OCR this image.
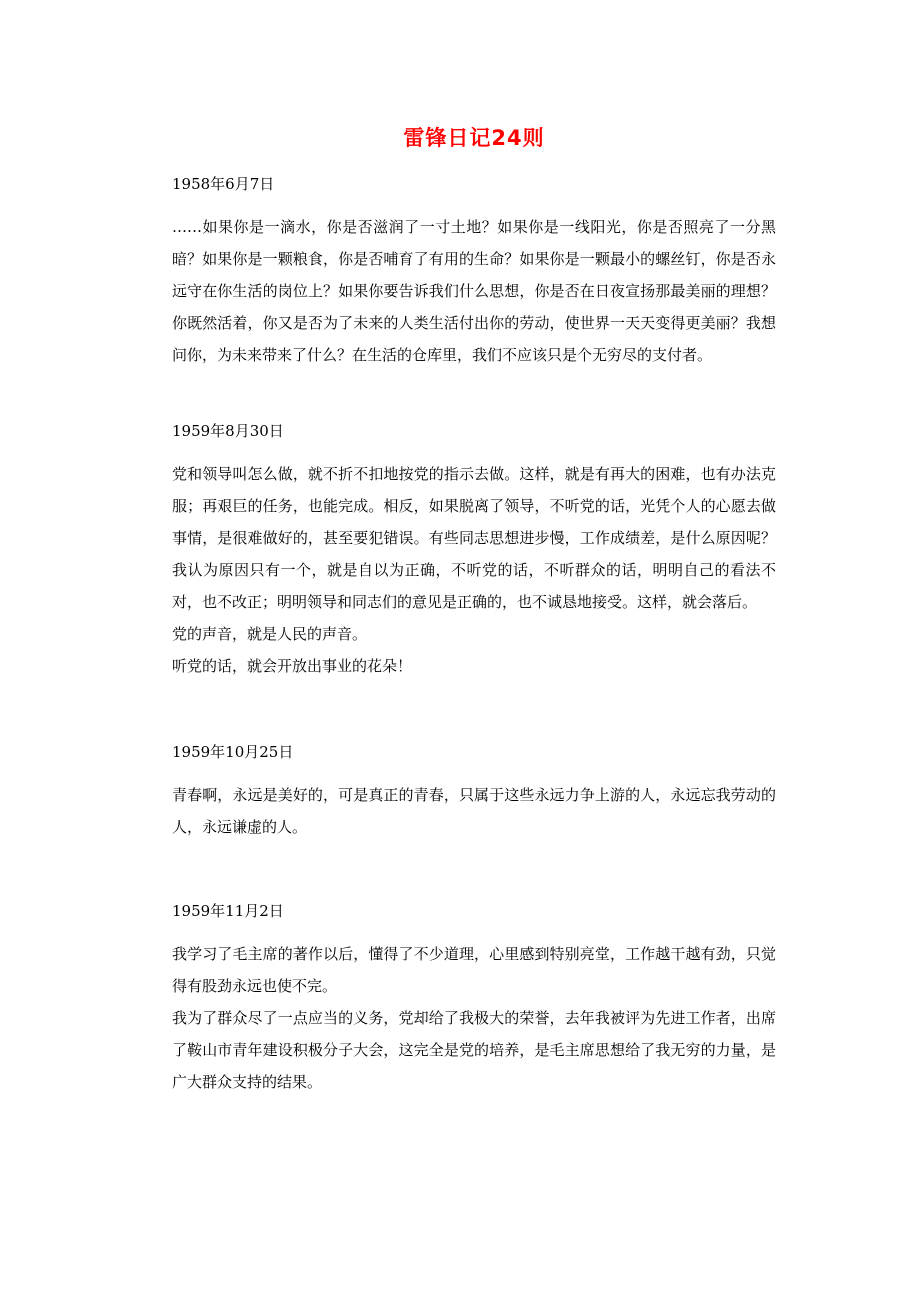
雷锋日记24则

1958年6月7日

……如果你是一滴水，你是否滋润了一寸土地？如果你是一线阳光，你是否照亮了一分黑暗？如果你是一颗粮食，你是否哺育了有用的生命？如果你是一颗最小的螺丝钉，你是否永远守在你生活的岗位上？如果你要告诉我们什么思想，你是否在日夜宣扬那最美丽的理想？你既然活着，你又是否为了未来的人类生活付出你的劳动，使世界一天天变得更美丽？我想问你，为未来带来了什么？在生活的仓库里，我们不应该只是个无穷尽的支付者。

1959年8月30日

党和领导叫怎么做，就不折不扣地按党的指示去做。这样，就是有再大的困难，也有办法克服；再艰巨的任务，也能完成。相反，如果脱离了领导，不听党的话，光凭个人的心愿去做事情，是很难做好的，甚至要犯错误。有些同志思想进步慢，工作成绩差，是什么原因呢？我认为原因只有一个，就是自以为正确，不听党的话，不听群众的话，明明自己的看法不对，也不改正；明明领导和同志们的意见是正确的，也不诚恳地接受。这样，就会落后。

党的声音，就是人民的声音。

听党的话，就会开放出事业的花朵！

1959年10月25日

青春啊，永远是美好的，可是真正的青春，只属于这些永远力争上游的人，永远忘我劳动的人，永远谦虚的人。

1959年11月2日

我学习了毛主席的著作以后，懂得了不少道理，心里感到特别亮堂，工作越干越有劲，只觉得有股劲永远也使不完。

我为了群众尽了一点应当的义务，党却给了我极大的荣誉，去年我被评为先进工作者，出席了鞍山市青年建设积极分子大会，这完全是党的培养，是毛主席思想给了我无穷的力量，是广大群众支持的结果。
